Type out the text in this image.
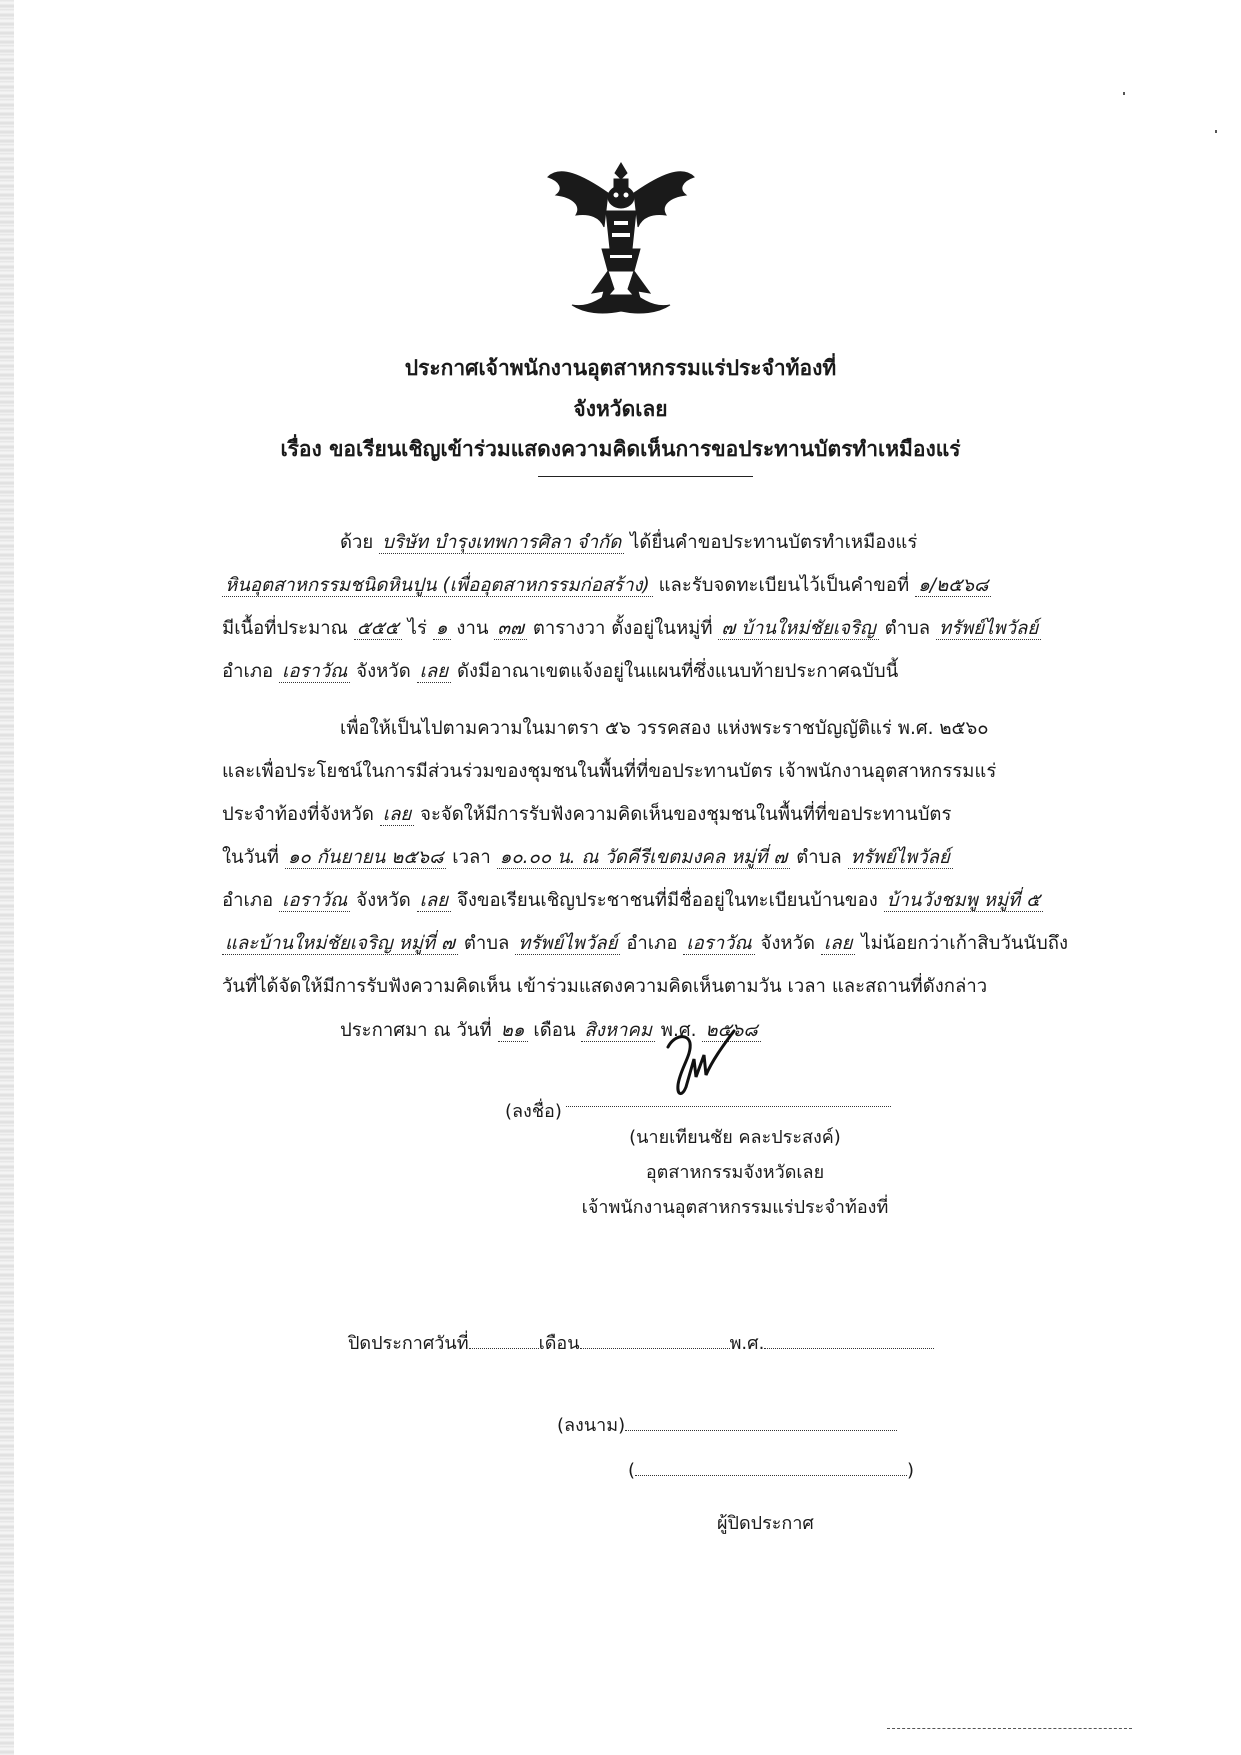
ประกาศเจ้าพนักงานอุตสาหกรรมแร่ประจำท้องที่
จังหวัดเลย
เรื่อง ขอเรียนเชิญเข้าร่วมแสดงความคิดเห็นการขอประทานบัตรทำเหมืองแร่
ด้วย บริษัท บำรุงเทพการศิลา จำกัด ได้ยื่นคำขอประทานบัตรทำเหมืองแร่
หินอุตสาหกรรมชนิดหินปูน (เพื่ออุตสาหกรรมก่อสร้าง) และรับจดทะเบียนไว้เป็นคำขอที่ ๑/๒๕๖๘
มีเนื้อที่ประมาณ ๕๕๕ ไร่ ๑ งาน ๓๗ ตารางวา ตั้งอยู่ในหมู่ที่ ๗ บ้านใหม่ชัยเจริญ ตำบล ทรัพย์ไพวัลย์
อำเภอ เอราวัณ จังหวัด เลย ดังมีอาณาเขตแจ้งอยู่ในแผนที่ซึ่งแนบท้ายประกาศฉบับนี้
เพื่อให้เป็นไปตามความในมาตรา ๕๖ วรรคสอง แห่งพระราชบัญญัติแร่ พ.ศ. ๒๕๖๐
และเพื่อประโยชน์ในการมีส่วนร่วมของชุมชนในพื้นที่ที่ขอประทานบัตร เจ้าพนักงานอุตสาหกรรมแร่
ประจำท้องที่จังหวัด เลย จะจัดให้มีการรับฟังความคิดเห็นของชุมชนในพื้นที่ที่ขอประทานบัตร
ในวันที่ ๑๐ กันยายน ๒๕๖๘ เวลา ๑๐.๐๐ น. ณ วัดคีรีเขตมงคล หมู่ที่ ๗ ตำบล ทรัพย์ไพวัลย์
อำเภอ เอราวัณ จังหวัด เลย จึงขอเรียนเชิญประชาชนที่มีชื่ออยู่ในทะเบียนบ้านของ บ้านวังชมพู หมู่ที่ ๕
และบ้านใหม่ชัยเจริญ หมู่ที่ ๗ ตำบล ทรัพย์ไพวัลย์ อำเภอ เอราวัณ จังหวัด เลย ไม่น้อยกว่าเก้าสิบวันนับถึง
วันที่ได้จัดให้มีการรับฟังความคิดเห็น เข้าร่วมแสดงความคิดเห็นตามวัน เวลา และสถานที่ดังกล่าว
ประกาศมา ณ วันที่ ๒๑ เดือน สิงหาคม พ.ศ. ๒๕๖๘
(ลงชื่อ)
(นายเทียนชัย คละประสงค์)
อุตสาหกรรมจังหวัดเลย
เจ้าพนักงานอุตสาหกรรมแร่ประจำท้องที่
ปิดประกาศวันที่	เดือน	พ.ศ.
(ลงนาม)
(	)
ผู้ปิดประกาศ
